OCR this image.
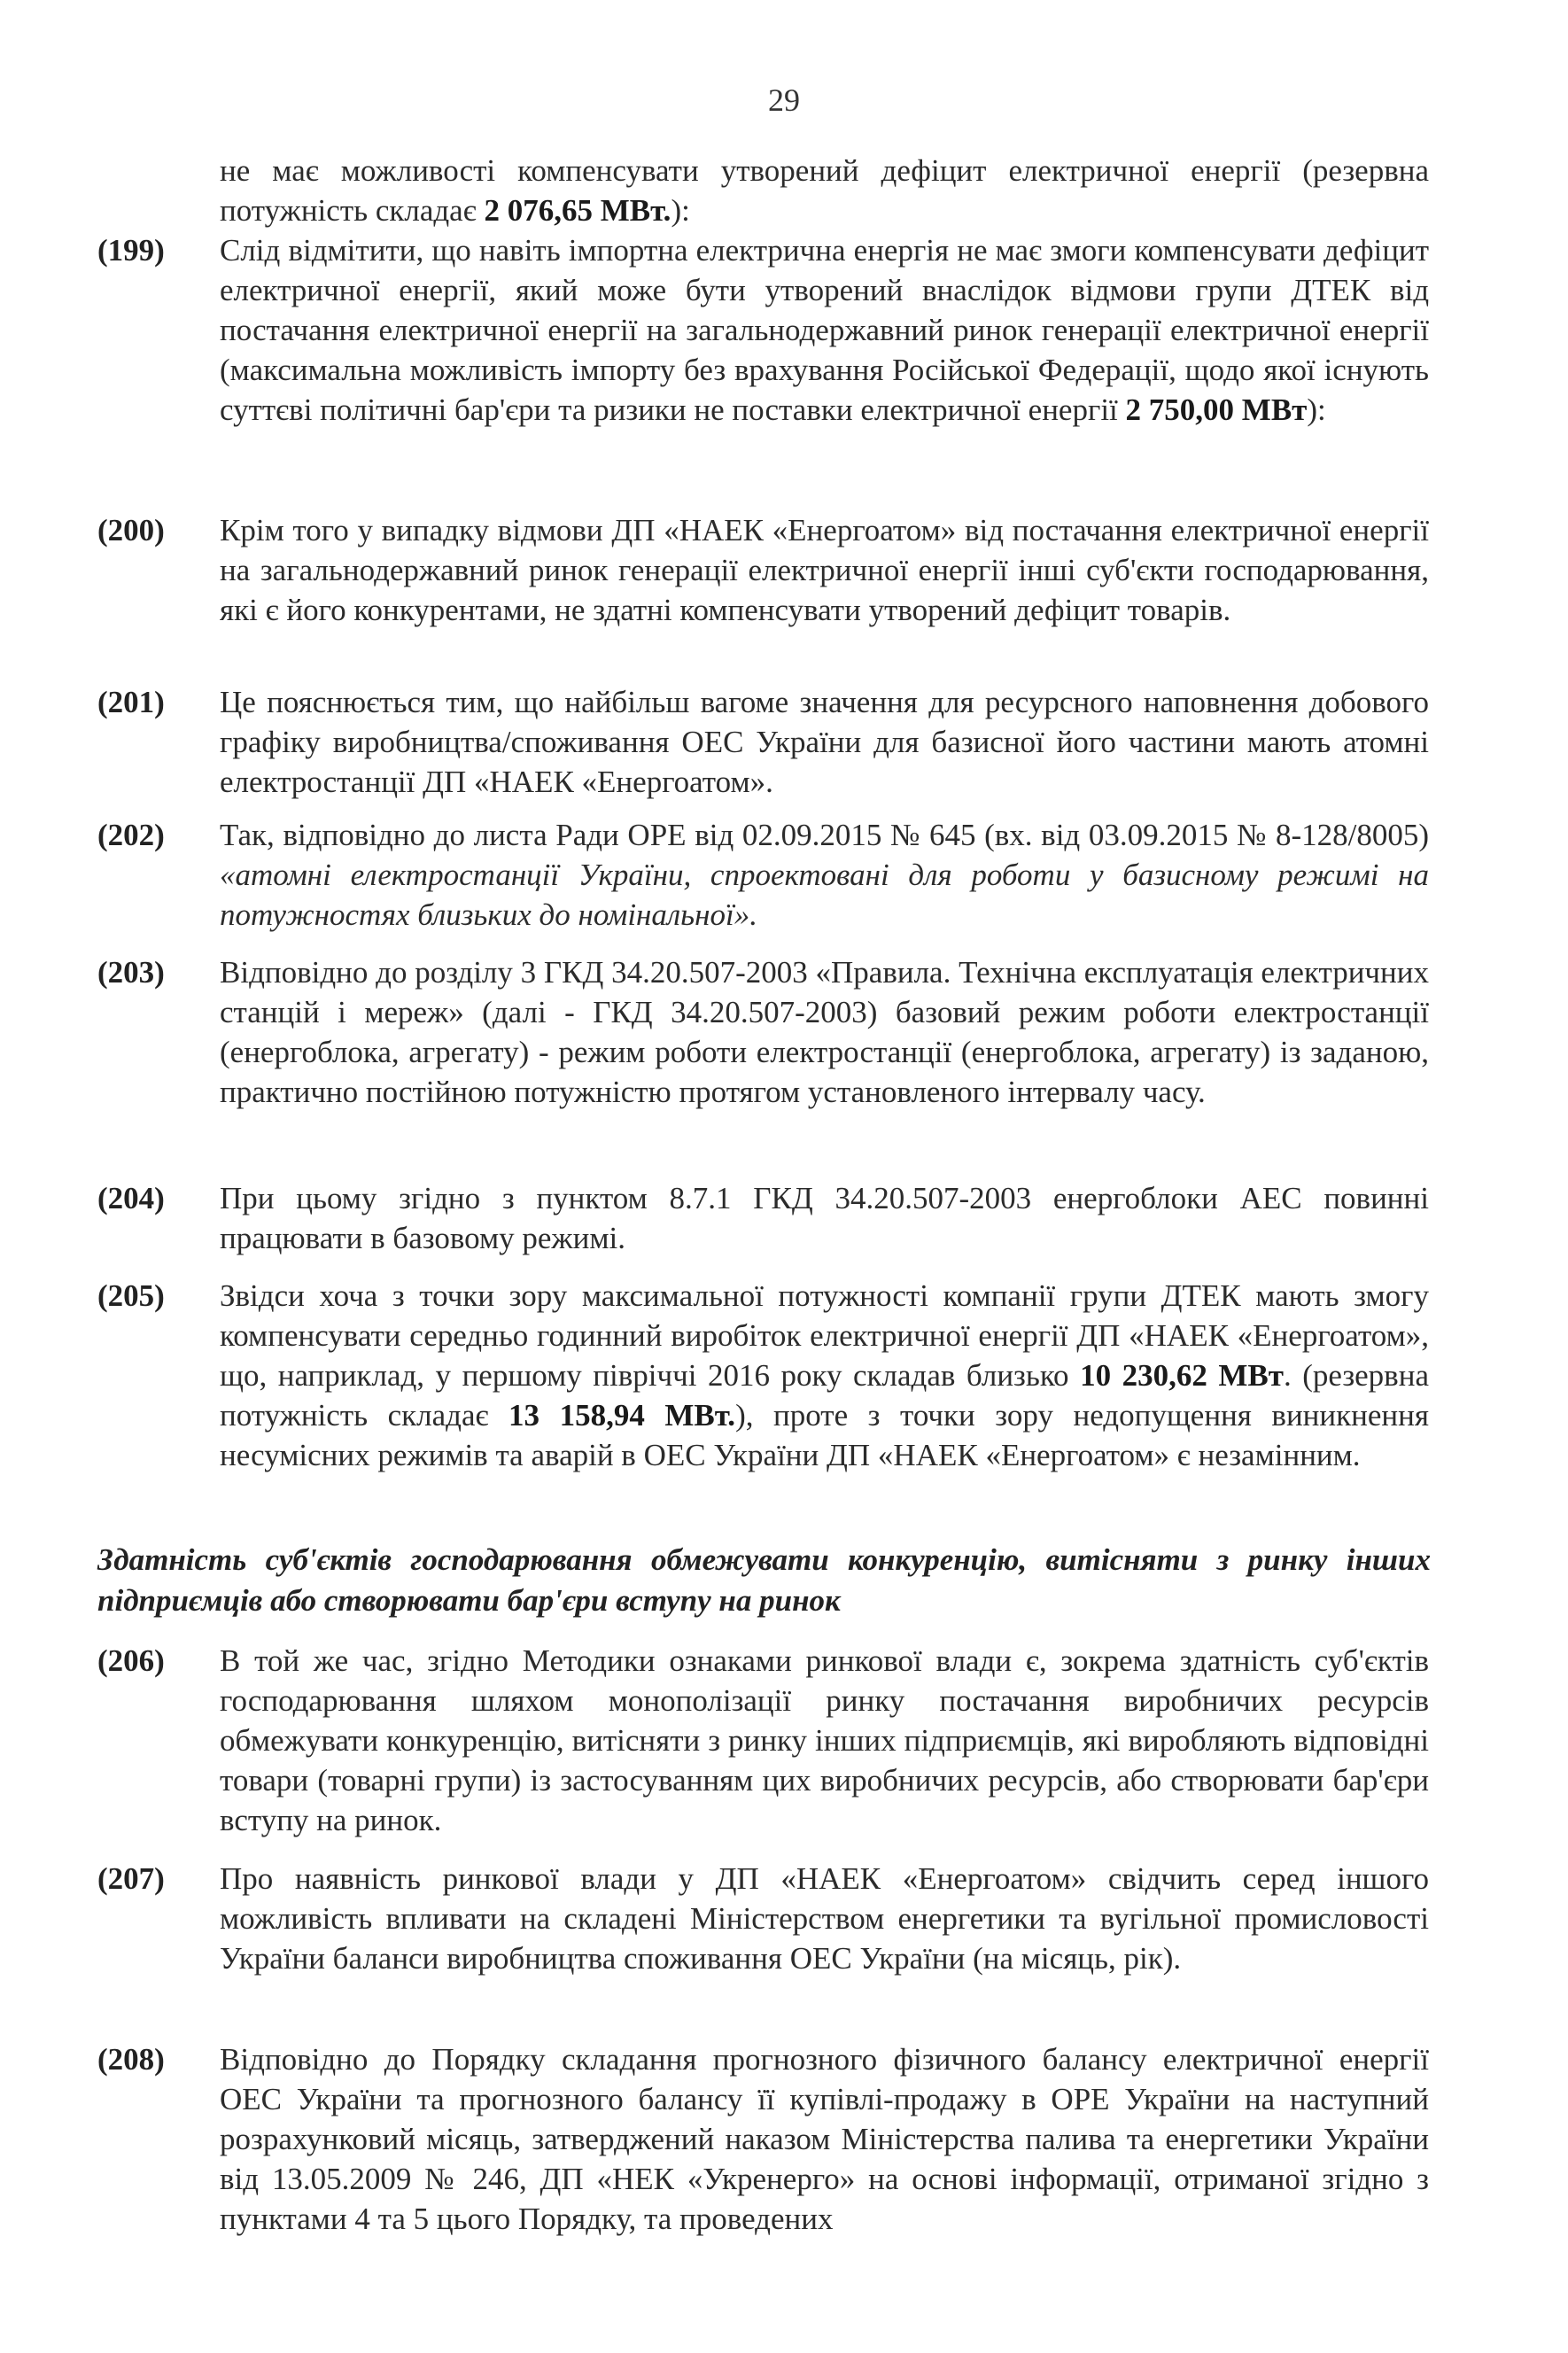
29
не має можливості компенсувати утворений дефіцит електричної енергії (резервна потужність складає 2 076,65 МВт.):
(199)	Слід відмітити, що навіть імпортна електрична енергія не має змоги компенсувати дефіцит електричної енергії, який може бути утворений внаслідок відмови групи ДТЕК від постачання електричної енергії на загальнодержавний ринок генерації електричної енергії (максимальна можливість імпорту без врахування Російської Федерації, щодо якої існують суттєві політичні бар'єри та ризики не поставки електричної енергії 2 750,00 МВт):
(200)	Крім того у випадку відмови ДП «НАЕК «Енергоатом» від постачання електричної енергії на загальнодержавний ринок генерації електричної енергії інші суб'єкти господарювання, які є його конкурентами, не здатні компенсувати утворений дефіцит товарів.
(201)	Це пояснюється тим, що найбільш вагоме значення для ресурсного наповнення добового графіку виробництва/споживання ОЕС України для базисної його частини мають атомні електростанції ДП «НАЕК «Енергоатом».
(202)	Так, відповідно до листа Ради ОРЕ від 02.09.2015 № 645 (вх. від 03.09.2015 № 8-128/8005) «атомні електростанції України, спроектовані для роботи у базисному режимі на потужностях близьких до номінальної».
(203)	Відповідно до розділу 3 ГКД 34.20.507-2003 «Правила. Технічна експлуатація електричних станцій і мереж» (далі - ГКД 34.20.507-2003) базовий режим роботи електростанції (енергоблока, агрегату) - режим роботи електростанції (енергоблока, агрегату) із заданою, практично постійною потужністю протягом установленого інтервалу часу.
(204)	При цьому згідно з пунктом 8.7.1 ГКД 34.20.507-2003 енергоблоки АЕС повинні працювати в базовому режимі.
(205)	Звідси хоча з точки зору максимальної потужності компанії групи ДТЕК мають змогу компенсувати середньо годинний виробіток електричної енергії ДП «НАЕК «Енергоатом», що, наприклад, у першому півріччі 2016 року складав близько 10 230,62 МВт. (резервна потужність складає 13 158,94 МВт.), проте з точки зору недопущення виникнення несумісних режимів та аварій в ОЕС України ДП «НАЕК «Енергоатом» є незамінним.
Здатність суб'єктів господарювання обмежувати конкуренцію, витісняти з ринку інших підприємців або створювати бар'єри вступу на ринок
(206)	В той же час, згідно Методики ознаками ринкової влади є, зокрема здатність суб'єктів господарювання шляхом монополізації ринку постачання виробничих ресурсів обмежувати конкуренцію, витісняти з ринку інших підприємців, які виробляють відповідні товари (товарні групи) із застосуванням цих виробничих ресурсів, або створювати бар'єри вступу на ринок.
(207)	Про наявність ринкової влади у ДП «НАЕК «Енергоатом» свідчить серед іншого можливість впливати на складені Міністерством енергетики та вугільної промисловості України баланси виробництва споживання ОЕС України (на місяць, рік).
(208)	Відповідно до Порядку складання прогнозного фізичного балансу електричної енергії ОЕС України та прогнозного балансу її купівлі-продажу в ОРЕ України на наступний розрахунковий місяць, затверджений наказом Міністерства палива та енергетики України від 13.05.2009 № 246, ДП «НЕК «Укренерго» на основі інформації, отриманої згідно з пунктами 4 та 5 цього Порядку, та проведених
